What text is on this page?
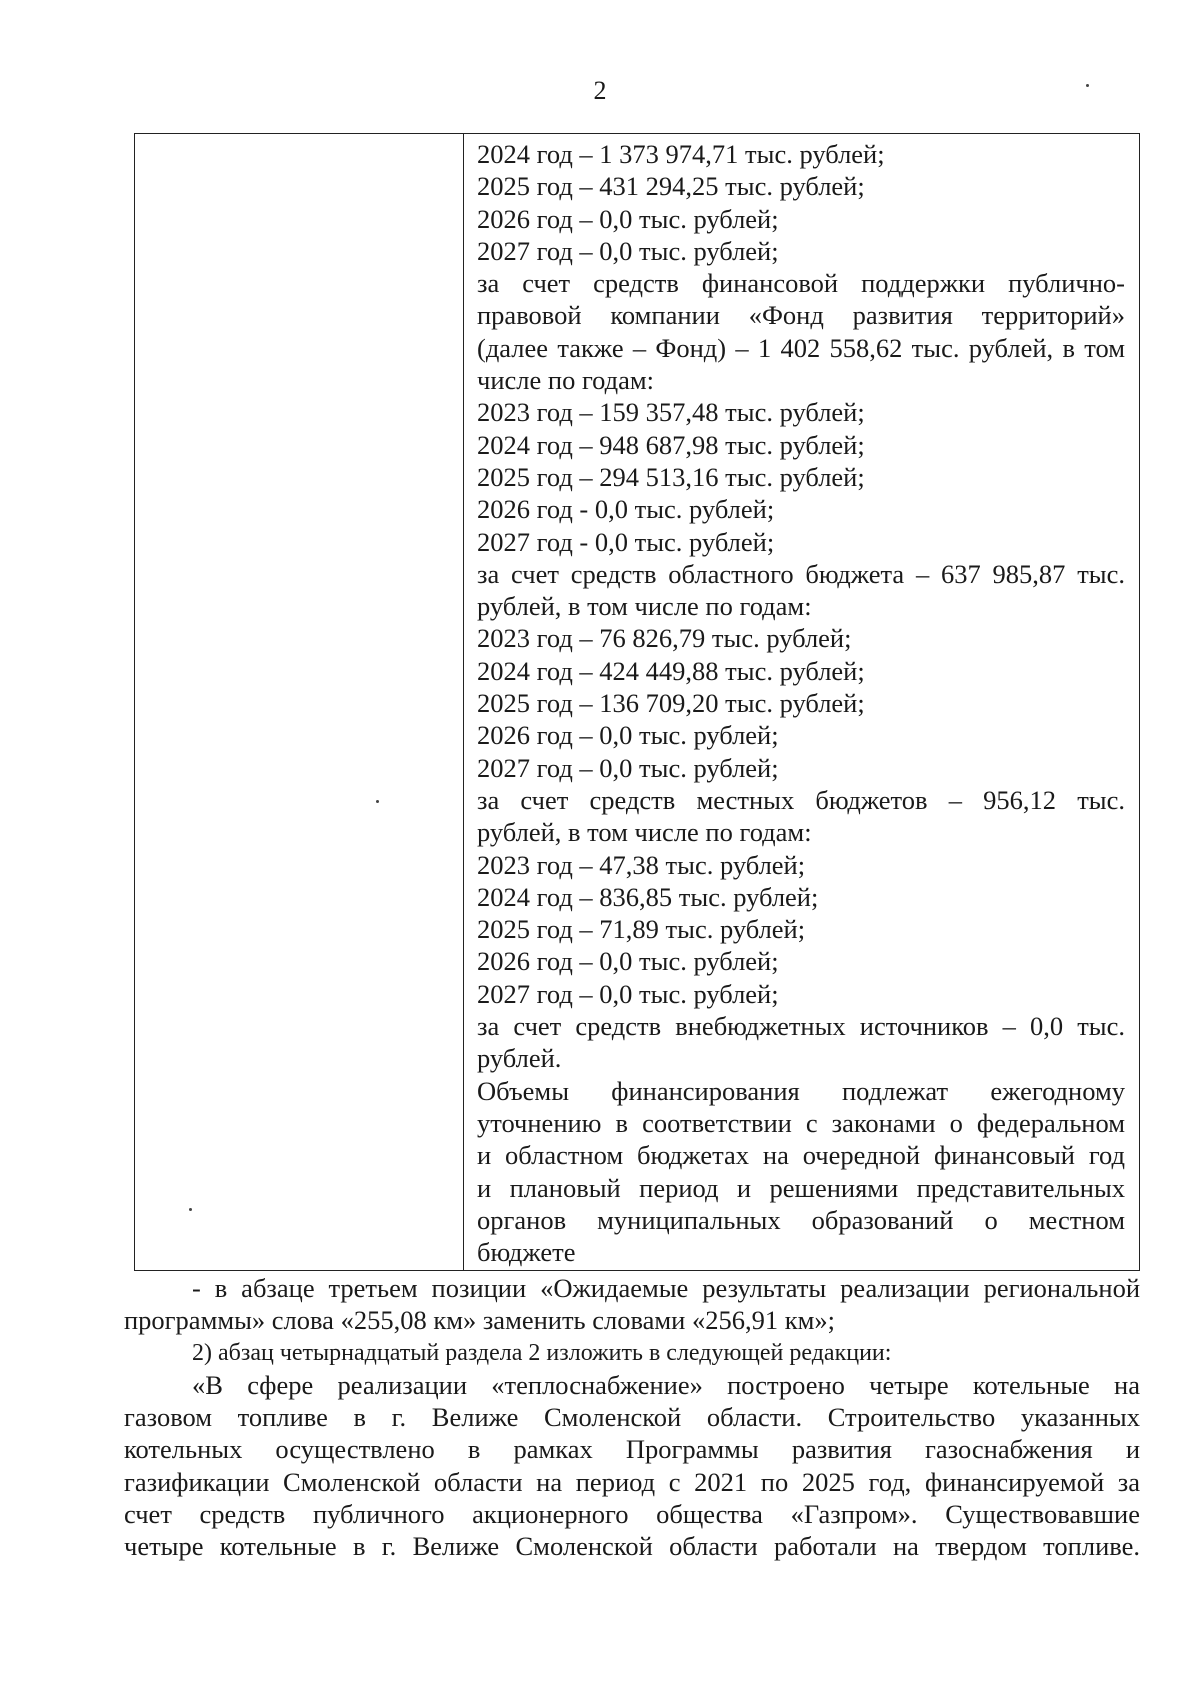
2
2024 год – 1 373 974,71 тыс. рублей;
2025 год – 431 294,25 тыс. рублей;
2026 год – 0,0 тыс. рублей;
2027 год – 0,0 тыс. рублей;
за счет средств финансовой поддержки публично-
правовой компании «Фонд развития территорий»
(далее также – Фонд) – 1 402 558,62 тыс. рублей, в том
числе по годам:
2023 год – 159 357,48 тыс. рублей;
2024 год – 948 687,98 тыс. рублей;
2025 год – 294 513,16 тыс. рублей;
2026 год - 0,0 тыс. рублей;
2027 год - 0,0 тыс. рублей;
за счет средств областного бюджета – 637 985,87 тыс.
рублей, в том числе по годам:
2023 год – 76 826,79 тыс. рублей;
2024 год – 424 449,88 тыс. рублей;
2025 год – 136 709,20 тыс. рублей;
2026 год – 0,0 тыс. рублей;
2027 год – 0,0 тыс. рублей;
за счет средств местных бюджетов – 956,12 тыс.
рублей, в том числе по годам:
2023 год – 47,38 тыс. рублей;
2024 год – 836,85 тыс. рублей;
2025 год – 71,89 тыс. рублей;
2026 год – 0,0 тыс. рублей;
2027 год – 0,0 тыс. рублей;
за счет средств внебюджетных источников – 0,0 тыс.
рублей.
Объемы финансирования подлежат ежегодному
уточнению в соответствии с законами о федеральном
и областном бюджетах на очередной финансовый год
и плановый период и решениями представительных
органов муниципальных образований о местном
бюджете
- в абзаце третьем позиции «Ожидаемые результаты реализации региональной
программы» слова «255,08 км» заменить словами «256,91 км»;
2) абзац четырнадцатый раздела 2 изложить в следующей редакции:
«В сфере реализации «теплоснабжение» построено четыре котельные на
газовом топливе в г. Велиже Смоленской области. Строительство указанных
котельных осуществлено в рамках Программы развития газоснабжения и
газификации Смоленской области на период с 2021 по 2025 год, финансируемой за
счет средств публичного акционерного общества «Газпром». Существовавшие
четыре котельные в г. Велиже Смоленской области работали на твердом топливе.
